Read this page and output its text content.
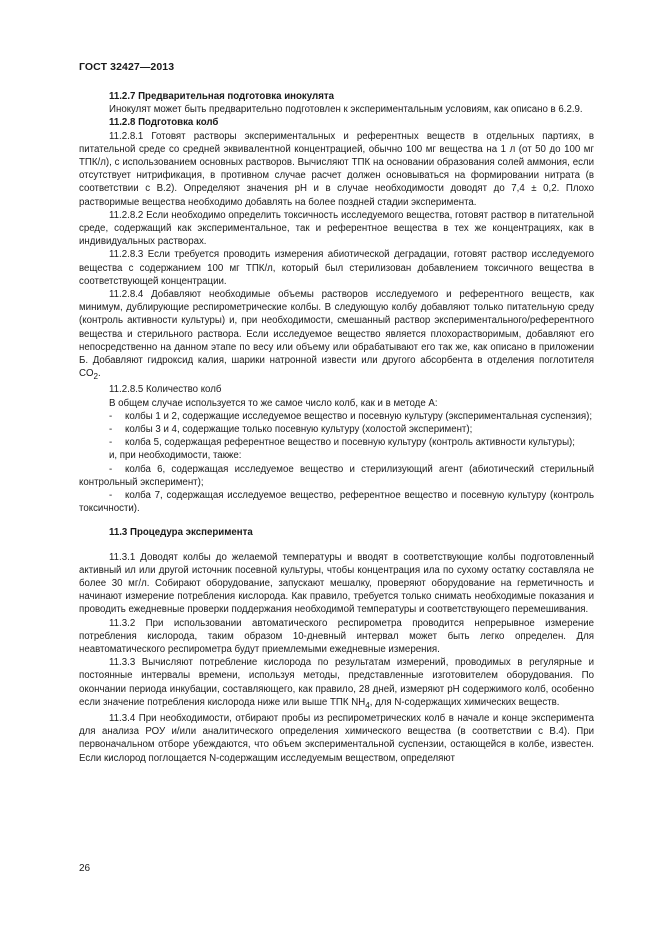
ГОСТ 32427—2013

11.2.7 Предварительная подготовка инокулята

Инокулят может быть предварительно подготовлен к экспериментальным условиям, как описано в 6.2.9.

11.2.8 Подготовка колб

11.2.8.1 Готовят растворы экспериментальных и референтных веществ в отдельных партиях, в питательной среде со средней эквивалентной концентрацией, обычно 100 мг вещества на 1 л (от 50 до 100 мг ТПК/л), с использованием основных растворов. Вычисляют ТПК на основании образования солей аммония, если отсутствует нитрификация, в противном случае расчет должен основываться на формировании нитрата (в соответствии с В.2). Определяют значения pH и в случае необходимости доводят до 7,4 ± 0,2. Плохо растворимые вещества необходимо добавлять на более поздней стадии эксперимента.

11.2.8.2 Если необходимо определить токсичность исследуемого вещества, готовят раствор в питательной среде, содержащий как экспериментальное, так и референтное вещества в тех же концентрациях, как в индивидуальных растворах.

11.2.8.3 Если требуется проводить измерения абиотической деградации, готовят раствор исследуемого вещества с содержанием 100 мг ТПК/л, который был стерилизован добавлением токсичного вещества в соответствующей концентрации.

11.2.8.4 Добавляют необходимые объемы растворов исследуемого и референтного веществ, как минимум, дублирующие респирометрические колбы. В следующую колбу добавляют только питательную среду (контроль активности культуры) и, при необходимости, смешанный раствор экспериментального/референтного вещества и стерильного раствора. Если исследуемое вещество является плохорастворимым, добавляют его непосредственно на данном этапе по весу или объему или обрабатывают его так же, как описано в приложении Б. Добавляют гидроксид калия, шарики натронной извести или другого абсорбента в отделения поглотителя $CO_2$.

11.2.8.5 Количество колб

В общем случае используется то же самое число колб, как и в методе А:

- колбы 1 и 2, содержащие исследуемое вещество и посевную культуру (экспериментальная суспензия);

- колбы 3 и 4, содержащие только посевную культуру (холостой эксперимент);

- колба 5, содержащая референтное вещество и посевную культуру (контроль активности культуры);

и, при необходимости, также:

- колба 6, содержащая исследуемое вещество и стерилизующий агент (абиотический стерильный контрольный эксперимент);

- колба 7, содержащая исследуемое вещество, референтное вещество и посевную культуру (контроль токсичности).

11.3 Процедура эксперимента

11.3.1 Доводят колбы до желаемой температуры и вводят в соответствующие колбы подготовленный активный ил или другой источник посевной культуры, чтобы концентрация ила по сухому остатку составляла не более 30 мг/л. Собирают оборудование, запускают мешалку, проверяют оборудование на герметичность и начинают измерение потребления кислорода. Как правило, требуется только снимать необходимые показания и проводить ежедневные проверки поддержания необходимой температуры и соответствующего перемешивания.

11.3.2 При использовании автоматического респирометра проводится непрерывное измерение потребления кислорода, таким образом 10-дневный интервал может быть легко определен. Для неавтоматического респирометра будут приемлемыми ежедневные измерения.

11.3.3 Вычисляют потребление кислорода по результатам измерений, проводимых в регулярные и постоянные интервалы времени, используя методы, представленные изготовителем оборудования. По окончании периода инкубации, составляющего, как правило, 28 дней, измеряют pH содержимого колб, особенно если значение потребления кислорода ниже или выше ТПК $NH_4$, для N-содержащих химических веществ.

11.3.4 При необходимости, отбирают пробы из респирометрических колб в начале и конце эксперимента для анализа РОУ и/или аналитического определения химического вещества (в соответствии с В.4). При первоначальном отборе убеждаются, что объем экспериментальной суспензии, остающейся в колбе, известен. Если кислород поглощается N-содержащим исследуемым веществом, определяют

26
